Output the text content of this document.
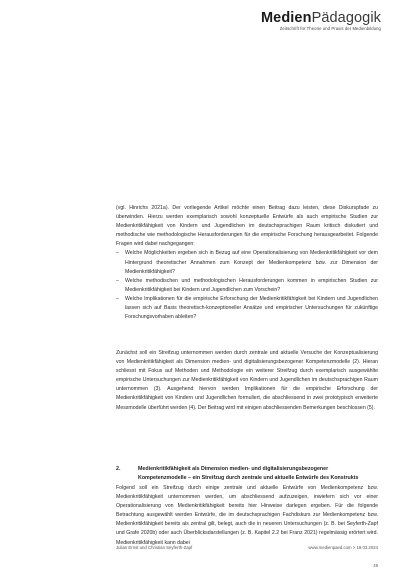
MedienPädagogik
Zeitschrift für Theorie und Praxis der Medienbildung

(vgl. Hinrichs 2021a). Der vorliegende Artikel möchte einen Beitrag dazu leisten, diese Diskurspfade zu überwinden. Hierzu werden exemplarisch sowohl konzeptuelle Entwürfe als auch empirische Studien zur Medienkritikfähigkeit von Kindern und Jugendlichen im deutschsprachigen Raum kritisch diskutiert und methodische wie methodologische Herausforderungen für die empirische Forschung herausgearbeitet. Folgende Fragen wird dabei nachgegangen:

– Welche Möglichkeiten ergeben sich in Bezug auf eine Operationalisierung von Medienkritikfähigkeit vor dem Hintergrund theoretischer Annahmen zum Konzept der Medienkompetenz bzw. zur Dimension der Medienkritikfähigkeit?
– Welche methodischen und methodologischen Herausforderungen kommen in empirischen Studien zur Medienkritikfähigkeit bei Kindern und Jugendlichen zum Vorschein?
– Welche Implikationen für die empirische Erforschung der Medienkritikfähigkeit bei Kindern und Jugendlichen lassen sich auf Basis theoretisch-konzeptioneller Ansätze und empirischer Untersuchungen für zukünftige Forschungsvorhaben ableiten?

Zunächst soll ein Streifzug unternommen werden durch zentrale und aktuelle Versuche der Konzeptualisierung von Medienkritikfähigkeit als Dimension medien- und digitalisierungsbezogener Kompetenzmodelle (2). Hieran schliesst mit Fokus auf Methoden und Methodologie ein weiterer Streifzug durch exemplarisch ausgewählte empirische Untersuchungen zur Medienkritikfähigkeit von Kindern und Jugendlichen im deutschsprachigen Raum unternommen (3). Ausgehend hiervon werden Implikationen für die empirische Erforschung der Medienkritikfähigkeit von Kindern und Jugendlichen formuliert, die abschliessend in zwei prototypisch erweiterte Messmodelle überführt werden (4). Der Beitrag wird mit einigen abschliessenden Bemerkungen beschlossen (5).

2.	Medienkritikfähigkeit als Dimension medien- und digitalisierungsbezogener Kompetenzmodelle – ein Streifzug durch zentrale und aktuelle Entwürfe des Konstrukts
Folgend soll ein Streifzug durch einige zentrale und aktuelle Entwürfe von Medienkompetenz bzw. Medienkritikfähigkeit unternommen werden, um abschliessend aufzuzeigen, inwiefern sich vor einer Operationalisierung von Medienkritikfähigkeit bereits hier Hinweise darlegen ergeben. Für die folgende Betrachtung ausgewählt werden Entwürfe, die im deutschsprachigen Fachdiskurs zur Medienkompetenz bzw. Medienkritikfähigkeit bereits als zentral gilt, belegt, auch die in neueren Untersuchungen (z. B. bei Seyferth-Zapf und Grafe 2020b) oder auch Überblicksdarstellungen (z. B. Kapitel 2.2 bei Franz 2021) regelmässig erörtert wird. Medienkritikfähigkeit kann dabei
Julian Ernst und Christian Seyferth-Zapf	www.medienpaed.com > 19.03.2024
49
